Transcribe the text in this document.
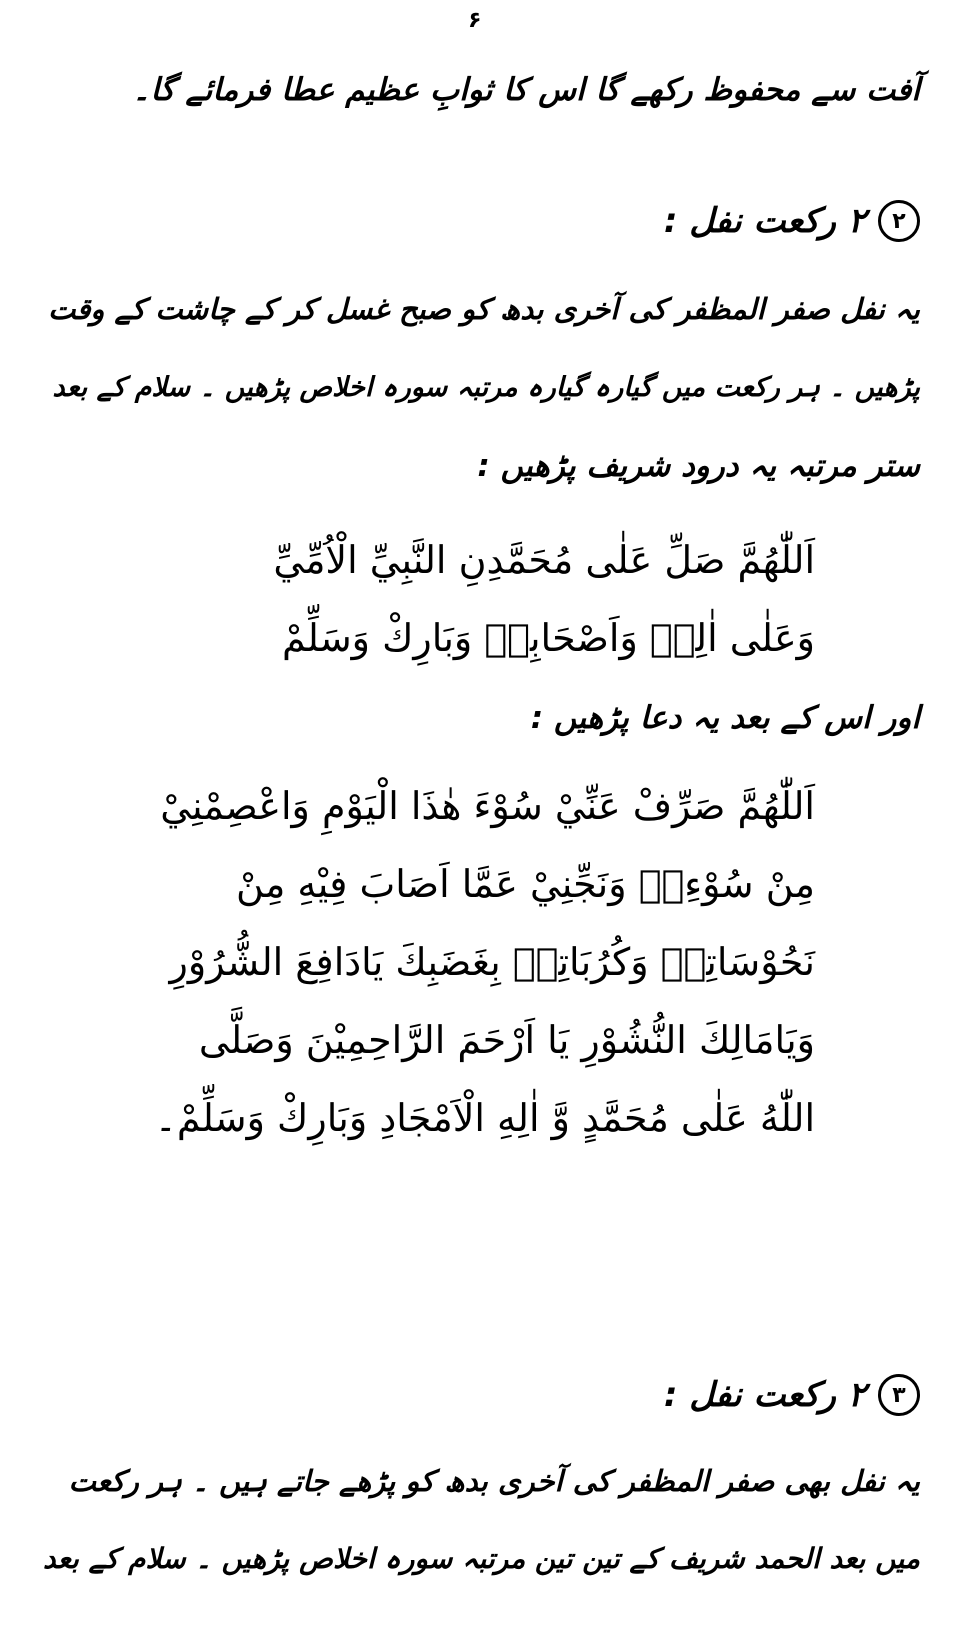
۶
آفت سے محفوظ رکھے گا اس کا ثوابِ عظیم عطا فرمائے گا۔
۲
۲ رکعت نفل :
یہ نفل صفر المظفر کی آخری بدھ کو صبح غسل کر کے چاشت کے وقت
پڑھیں ۔ ہر رکعت میں گیارہ گیارہ مرتبہ سورہ اخلاص پڑھیں ۔ سلام کے بعد
ستر مرتبہ یہ درود شریف پڑھیں :
اَللّٰهُمَّ صَلِّ عَلٰى مُحَمَّدِنِ النَّبِيِّ الْاُمِّيِّ
وَعَلٰى اٰلِهٖ وَاَصْحَابِهٖ وَبَارِكْ وَسَلِّمْ
اور اس کے بعد یہ دعا پڑھیں :
اَللّٰهُمَّ صَرِّفْ عَنِّيْ سُوْءَ هٰذَا الْيَوْمِ وَاعْصِمْنِيْ
مِنْ سُوْءِهٖ وَنَجِّنِيْ عَمَّا اَصَابَ فِيْهِ مِنْ
نَحُوْسَاتِهٖ وَكُرُبَاتِهٖ بِغَضَبِكَ يَادَافِعَ الشُّرُوْرِ
وَيَامَالِكَ النُّشُوْرِ يَا اَرْحَمَ الرَّاحِمِيْنَ وَصَلَّى
اللّٰهُ عَلٰى مُحَمَّدٍ وَّ اٰلِهِ الْاَمْجَادِ وَبَارِكْ وَسَلِّمْ۔
۳
۲ رکعت نفل :
یہ نفل بھی صفر المظفر کی آخری بدھ کو پڑھے جاتے ہیں ۔ ہر رکعت
میں بعد الحمد شریف کے تین تین مرتبہ سورہ اخلاص پڑھیں ۔ سلام کے بعد
